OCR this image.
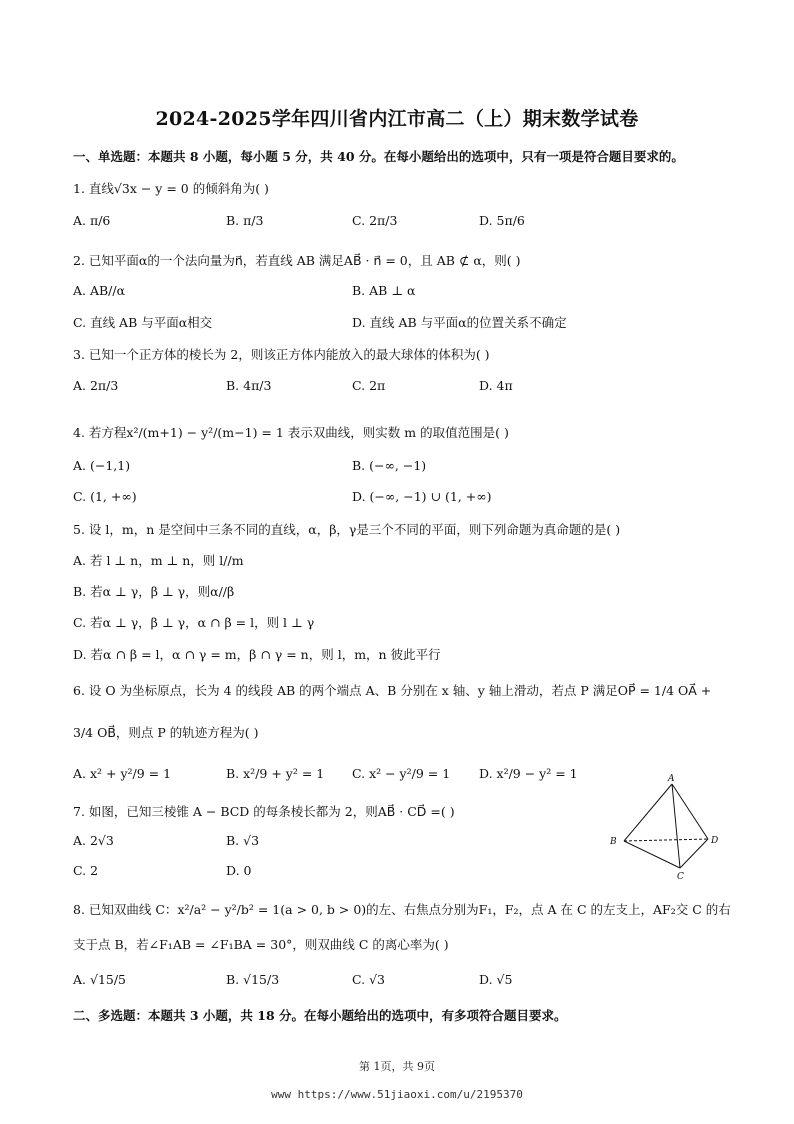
2024-2025学年四川省内江市高二（上）期末数学试卷
一、单选题：本题共 8 小题，每小题 5 分，共 40 分。在每小题给出的选项中，只有一项是符合题目要求的。
1. 直线√3x − y = 0 的倾斜角为( )
A. π/6	B. π/3	C. 2π/3	D. 5π/6
2. 已知平面α的一个法向量为n⃗，若直线 AB 满足AB⃗ · n⃗ = 0，且 AB ⊄ α，则( )
A. AB//α	B. AB ⊥ α
C. 直线 AB 与平面α相交	D. 直线 AB 与平面α的位置关系不确定
3. 已知一个正方体的棱长为 2，则该正方体内能放入的最大球体的体积为( )
A. 2π/3	B. 4π/3	C. 2π	D. 4π
4. 若方程x²/(m+1) − y²/(m−1) = 1 表示双曲线，则实数 m 的取值范围是( )
A. (−1,1)	B. (−∞, −1)
C. (1, +∞)	D. (−∞, −1) ∪ (1, +∞)
5. 设 l，m，n 是空间中三条不同的直线，α，β，γ是三个不同的平面，则下列命题为真命题的是( )
A. 若 l ⊥ n，m ⊥ n，则 l//m
B. 若α ⊥ γ，β ⊥ γ，则α//β
C. 若α ⊥ γ，β ⊥ γ，α ∩ β = l，则 l ⊥ γ
D. 若α ∩ β = l，α ∩ γ = m，β ∩ γ = n，则 l，m，n 彼此平行
6. 设 O 为坐标原点，长为 4 的线段 AB 的两个端点 A、B 分别在 x 轴、y 轴上滑动，若点 P 满足OP⃗ = 1/4 OA⃗ +
3/4 OB⃗，则点 P 的轨迹方程为( )
A. x² + y²/9 = 1	B. x²/9 + y² = 1 C. x² − y²/9 = 1 D. x²/9 − y² = 1
7. 如图，已知三棱锥 A − BCD 的每条棱长都为 2，则AB⃗ · CD⃗ =( )
A. 2√3	B. √3
C. 2	D. 0
A
B
C
D
8. 已知双曲线 C：x²/a² − y²/b² = 1(a > 0, b > 0)的左、右焦点分别为F₁，F₂，点 A 在 C 的左支上，AF₂交 C 的右
支于点 B，若∠F₁AB = ∠F₁BA = 30°，则双曲线 C 的离心率为( )
A. √15/5	B. √15/3	C. √3	D. √5
二、多选题：本题共 3 小题，共 18 分。在每小题给出的选项中，有多项符合题目要求。
第 1页，共 9页
www https://www.51jiaoxi.com/u/2195370
